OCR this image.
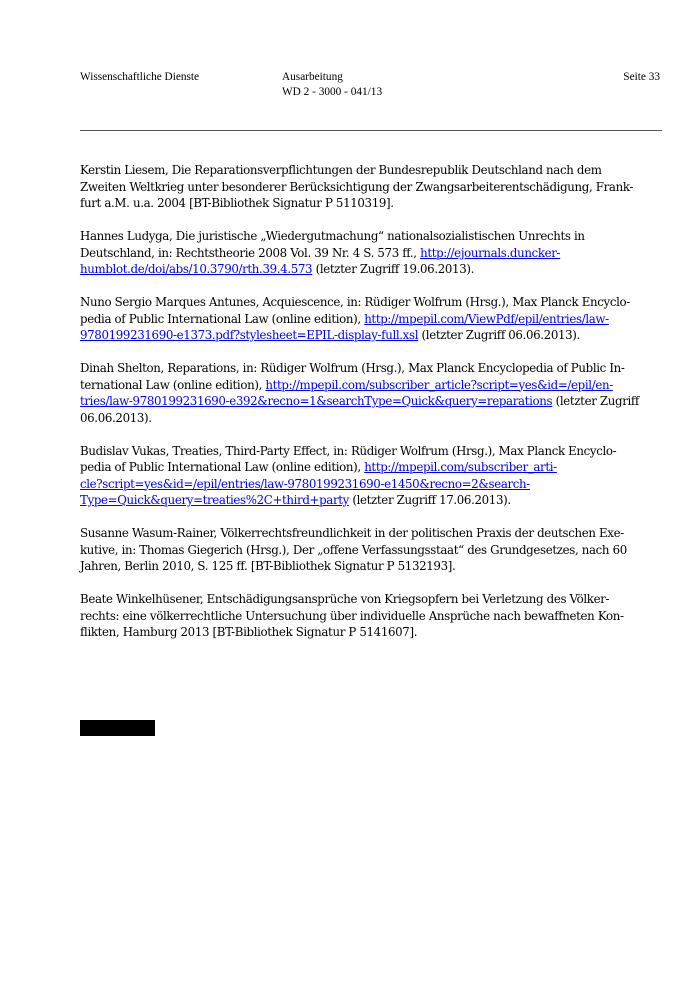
Wissenschaftliche Dienste	Ausarbeitung
WD 2 - 3000 - 041/13
Seite 33
Kerstin Liesem, Die Reparationsverpflichtungen der Bundesrepublik Deutschland nach dem
Zweiten Weltkrieg unter besonderer Berücksichtigung der Zwangsarbeiterentschädigung, Frank-
furt a.M. u.a. 2004 [BT-Bibliothek Signatur P 5110319].
Hannes Ludyga, Die juristische „Wiedergutmachung“ nationalsozialistischen Unrechts in
Deutschland, in: Rechtstheorie 2008 Vol. 39 Nr. 4 S. 573 ff., http://ejournals.duncker-
humblot.de/doi/abs/10.3790/rth.39.4.573 (letzter Zugriff 19.06.2013).
Nuno Sergio Marques Antunes, Acquiescence, in: Rüdiger Wolfrum (Hrsg.), Max Planck Encyclo-
pedia of Public International Law (online edition), http://mpepil.com/ViewPdf/epil/entries/law-
9780199231690-e1373.pdf?stylesheet=EPIL-display-full.xsl (letzter Zugriff 06.06.2013).
Dinah Shelton, Reparations, in: Rüdiger Wolfrum (Hrsg.), Max Planck Encyclopedia of Public In-
ternational Law (online edition), http://mpepil.com/subscriber_article?script=yes&id=/epil/en-
tries/law-9780199231690-e392&recno=1&searchType=Quick&query=reparations (letzter Zugriff
06.06.2013).
Budislav Vukas, Treaties, Third-Party Effect, in: Rüdiger Wolfrum (Hrsg.), Max Planck Encyclo-
pedia of Public International Law (online edition), http://mpepil.com/subscriber_arti-
cle?script=yes&id=/epil/entries/law-9780199231690-e1450&recno=2&search-
Type=Quick&query=treaties%2C+third+party (letzter Zugriff 17.06.2013).
Susanne Wasum-Rainer, Völkerrechtsfreundlichkeit in der politischen Praxis der deutschen Exe-
kutive, in: Thomas Giegerich (Hrsg.), Der „offene Verfassungsstaat“ des Grundgesetzes, nach 60
Jahren, Berlin 2010, S. 125 ff. [BT-Bibliothek Signatur P 5132193].
Beate Winkelhüsener, Entschädigungsansprüche von Kriegsopfern bei Verletzung des Völker-
rechts: eine völkerrechtliche Untersuchung über individuelle Ansprüche nach bewaffneten Kon-
flikten, Hamburg 2013 [BT-Bibliothek Signatur P 5141607].
